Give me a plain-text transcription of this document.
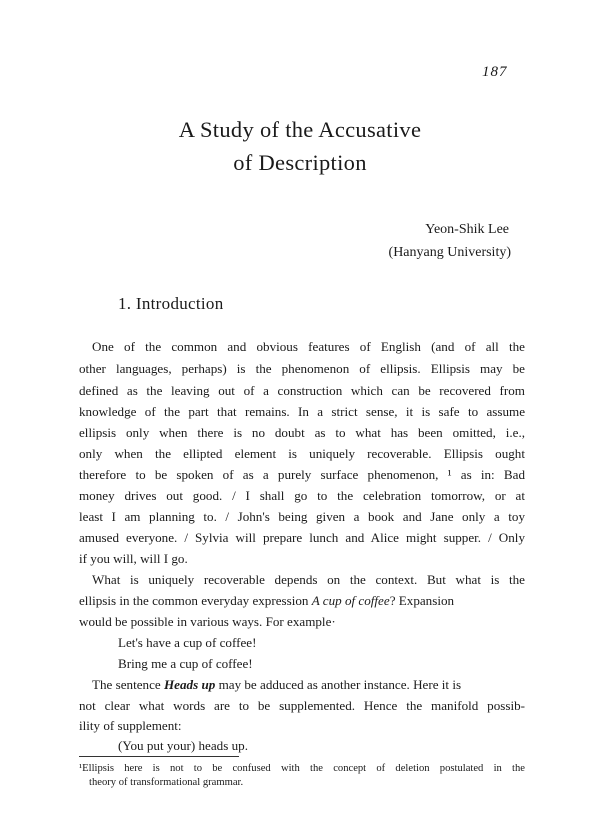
187
A Study of the Accusative
of Description
Yeon-Shik Lee
(Hanyang University)
1. Introduction
One of the common and obvious features of English (and of all the
other languages, perhaps) is the phenomenon of ellipsis. Ellipsis may be
defined as the leaving out of a construction which can be recovered from
knowledge of the part that remains. In a strict sense, it is safe to assume
ellipsis only when there is no doubt as to what has been omitted, i.e.,
only when the ellipted element is uniquely recoverable. Ellipsis ought
therefore to be spoken of as a purely surface phenomenon, ¹ as in: Bad
money drives out good. / I shall go to the celebration tomorrow, or at
least I am planning to. / John's being given a book and Jane only a toy
amused everyone. / Sylvia will prepare lunch and Alice might supper. / Only
if you will, will I go.
What is uniquely recoverable depends on the context. But what is the
ellipsis in the common everyday expression A cup of coffee? Expansion
would be possible in various ways. For example·
Let's have a cup of coffee!
Bring me a cup of coffee!
The sentence Heads up may be adduced as another instance. Here it is
not clear what words are to be supplemented. Hence the manifold possib-
ility of supplement:
(You put your) heads up.
¹Ellipsis here is not to be confused with the concept of deletion postulated in the
theory of transformational grammar.
